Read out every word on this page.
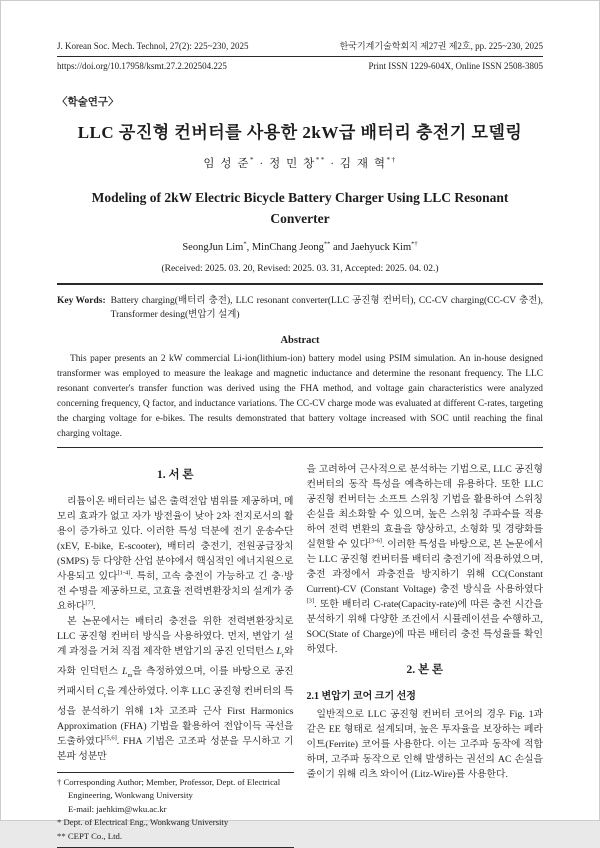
J. Korean Soc. Mech. Technol, 27(2): 225~230, 2025	한국기계기술학회지 제27권 제2호, pp. 225~230, 2025
https://doi.org/10.17958/ksmt.27.2.202504.225	Print ISSN 1229-604X, Online ISSN 2508-3805
〈학술연구〉
LLC 공진형 컨버터를 사용한 2kW급 배터리 충전기 모델링
임 성 준* · 정 민 창** · 김 재 혁*†
Modeling of 2kW Electric Bicycle Battery Charger Using LLC Resonant
Converter
SeongJun Lim*, MinChang Jeong** and Jaehyuck Kim*†
(Received: 2025. 03. 20, Revised: 2025. 03. 31, Accepted: 2025. 04. 02.)
Key Words: Battery charging(배터리 충전), LLC resonant converter(LLC 공진형 컨버터), CC-CV charging(CC-CV 충전), Transformer desing(변압기 설계)
Abstract
This paper presents an 2 kW commercial Li-ion(lithium-ion) battery model using PSIM simulation. An in-house designed transformer was employed to measure the leakage and magnetic inductance and determine the resonant frequency. The LLC resonant converter's transfer function was derived using the FHA method, and voltage gain characteristics were analyzed concerning frequency, Q factor, and inductance variations. The CC-CV charge mode was evaluated at different C-rates, targeting the charging voltage for e-bikes. The results demonstrated that battery voltage increased with SOC until reaching the final charging voltage.
1. 서 론

리튬이온 배터리는 넓은 출력전압 범위를 제공하며, 메모리 효과가 없고 자가 방전율이 낮아 2차 전지로서의 활용이 증가하고 있다. 이러한 특성 덕분에 전기 운송수단(xEV, E-bike, E-scooter), 배터리 충전기, 전원공급장치(SMPS) 등 다양한 산업 분야에서 핵심적인 에너지원으로 사용되고 있다[1-4]. 특히, 고속 충전이 가능하고 긴 충·방전 수명을 제공하므로, 고효율 전력변환장치의 설계가 중요하다[7].

본 논문에서는 배터리 충전을 위한 전력변환장치로 LLC 공진형 컨버터 방식을 사용하였다. 먼저, 변압기 설계 과정을 거쳐 직접 제작한 변압기의 공진 인덕턴스 $L_r$와 자화 인덕턴스 $L_m$을 측정하였으며, 이를 바탕으로 공진 커패시터 $C_r$을 계산하였다. 이후 LLC 공진형 컨버터의 특성을 분석하기 위해 1차 고조파 근사 First Harmonics Approximation (FHA) 기법을 활용하여 전압이득 곡선을 도출하였다[5,6]. FHA 기법은 고조파 성분을 무시하고 기본파 성분만

† Corresponding Author; Member, Professor, Dept. of Electrical Engineering, Wonkwang University
E-mail: jaehkim@wku.ac.kr
* Dept. of Electrical Eng., Wonkwang University
** CEPT Co., Ltd.

을 고려하여 근사적으로 분석하는 기법으로, LLC 공진형 컨버터의 동작 특성을 예측하는데 유용하다. 또한 LLC 공진형 컨버터는 소프트 스위칭 기법을 활용하여 스위칭 손실을 최소화할 수 있으며, 높은 스위칭 주파수를 적용하여 전력 변환의 효율을 향상하고, 소형화 및 경량화를 실현할 수 있다[3-6]. 이러한 특성을 바탕으로, 본 논문에서는 LLC 공진형 컨버터를 배터리 충전기에 적용하였으며, 충전 과정에서 과충전을 방지하기 위해 CC(Constant Current)-CV (Constant Voltage) 충전 방식을 사용하였다[3]. 또한 배터리 C-rate(Capacity-rate)에 따른 충전 시간을 분석하기 위해 다양한 조건에서 시뮬레이션을 수행하고, SOC(State of Charge)에 따른 배터리 충전 특성율를 확인하였다.

2. 본 론
2.1 변압기 코어 크기 선정

일반적으로 LLC 공진형 컨버터 코어의 경우 Fig. 1과 같은 EE 형태로 설계되며, 높은 투자율을 보장하는 페라이트(Ferrite) 코어를 사용한다. 이는 고주파 동작에 적합하며, 고주파 동작으로 인해 발생하는 권선의 AC 손실을 줄이기 위해 리츠 와이어 (Litz-Wire)를 사용한다.
